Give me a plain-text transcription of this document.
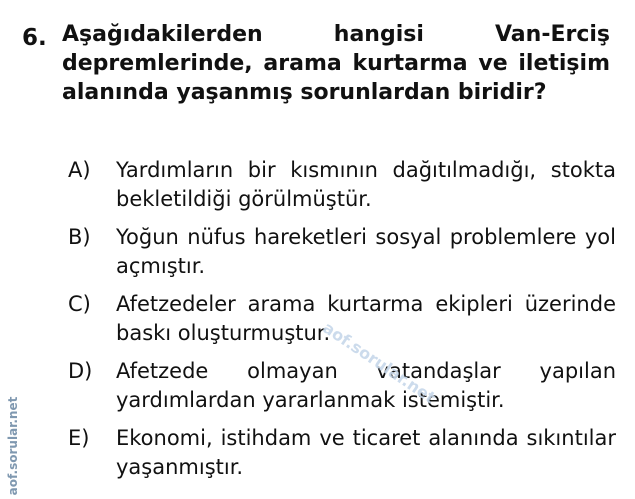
6. Aşağıdakilerden hangisi Van-Erciş depremlerinde, arama kurtarma ve iletişim alanında yaşanmış sorunlardan biridir?
A) Yardımların bir kısmının dağıtılmadığı, stokta bekletildiği görülmüştür.
B) Yoğun nüfus hareketleri sosyal problemlere yol açmıştır.
C) Afetzedeler arama kurtarma ekipleri üzerinde baskı oluşturmuştur.
D) Afetzede olmayan vatandaşlar yapılan yardımlardan yararlanmak istemiştir.
E) Ekonomi, istihdam ve ticaret alanında sıkıntılar yaşanmıştır.
aof.sorular.net
aof.sorular.net
